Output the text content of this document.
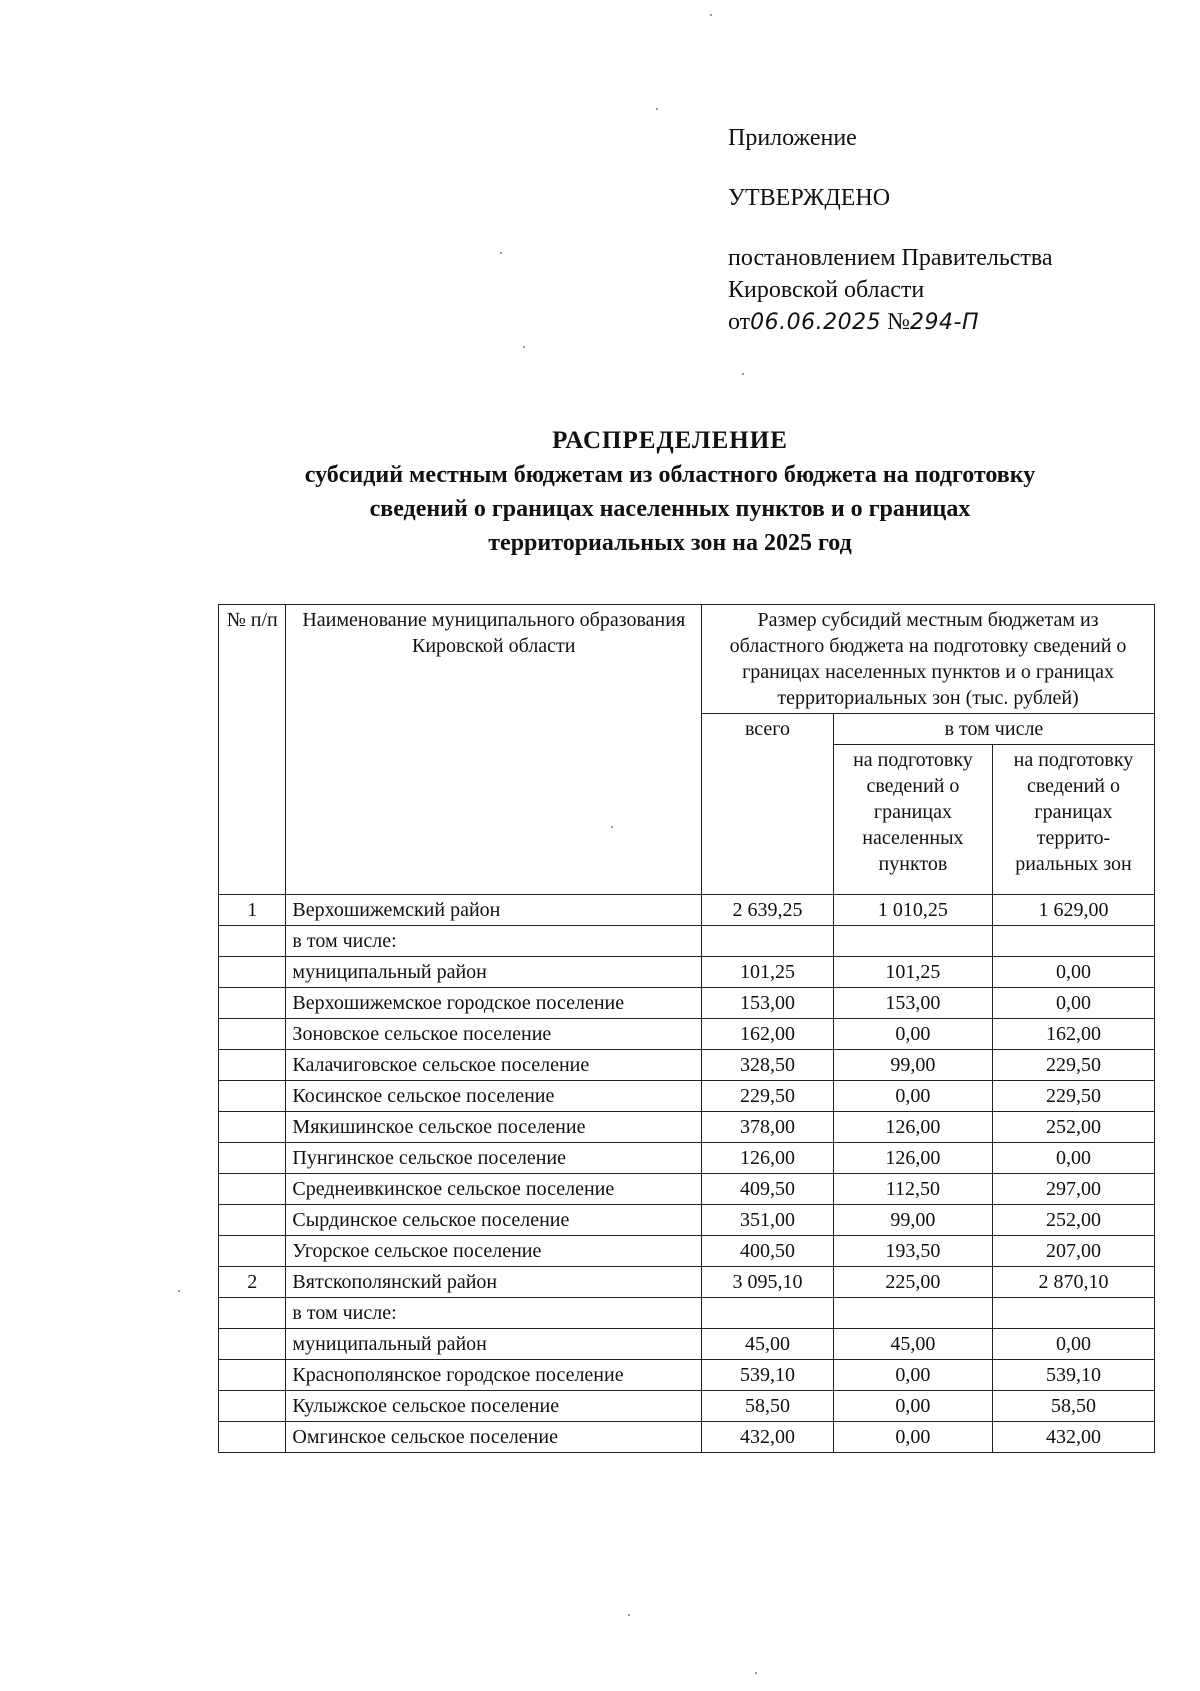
Приложение
УТВЕРЖДЕНО
постановлением Правительства
Кировской области
от06.06.2025 №294-П
РАСПРЕДЕЛЕНИЕ
субсидий местным бюджетам из областного бюджета на подготовку
сведений о границах населенных пунктов и о границах
территориальных зон на 2025 год
№ п/п	Наименование муниципального образования Кировской области	Размер субсидий местным бюджетам из областного бюджета на подготовку сведений о границах населенных пунктов и о границах территориальных зон (тыс. рублей)		
		всего	в том числе	
			на подготовку сведений о границах населенных пунктов	на подготовку сведений о границах террито-риальных зон
1	Верхошижемский район	2 639,25	1 010,25	1 629,00
	в том числе:			
	муниципальный район	101,25	101,25	0,00
	Верхошижемское городское поселение	153,00	153,00	0,00
	Зоновское сельское поселение	162,00	0,00	162,00
	Калачиговское сельское поселение	328,50	99,00	229,50
	Косинское сельское поселение	229,50	0,00	229,50
	Мякишинское сельское поселение	378,00	126,00	252,00
	Пунгинское сельское поселение	126,00	126,00	0,00
	Среднеивкинское сельское поселение	409,50	112,50	297,00
	Сырдинское сельское поселение	351,00	99,00	252,00
	Угорское сельское поселение	400,50	193,50	207,00
2	Вятскополянский район	3 095,10	225,00	2 870,10
	в том числе:			
	муниципальный район	45,00	45,00	0,00
	Краснополянское городское поселение	539,10	0,00	539,10
	Кулыжское сельское поселение	58,50	0,00	58,50
	Омгинское сельское поселение	432,00	0,00	432,00
